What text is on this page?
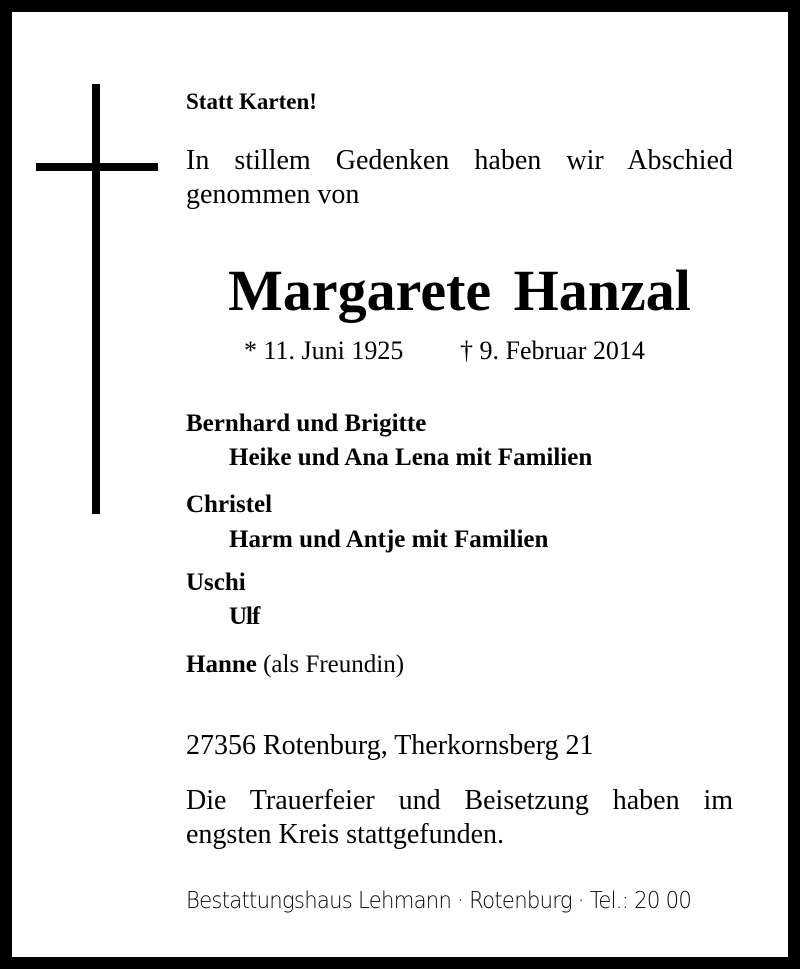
Statt Karten!
In stillem Gedenken haben wir Abschied
genommen von
Margarete Hanzal
* 11. Juni 1925 † 9. Februar 2014
Bernhard und Brigitte
Heike und Ana Lena mit Familien
Christel
Harm und Antje mit Familien
Uschi
Ulf
Hanne (als Freundin)
27356 Rotenburg, Therkornsberg 21
Die Trauerfeier und Beisetzung haben im
engsten Kreis stattgefunden.
Bestattungshaus Lehmann · Rotenburg · Tel.: 20 00
